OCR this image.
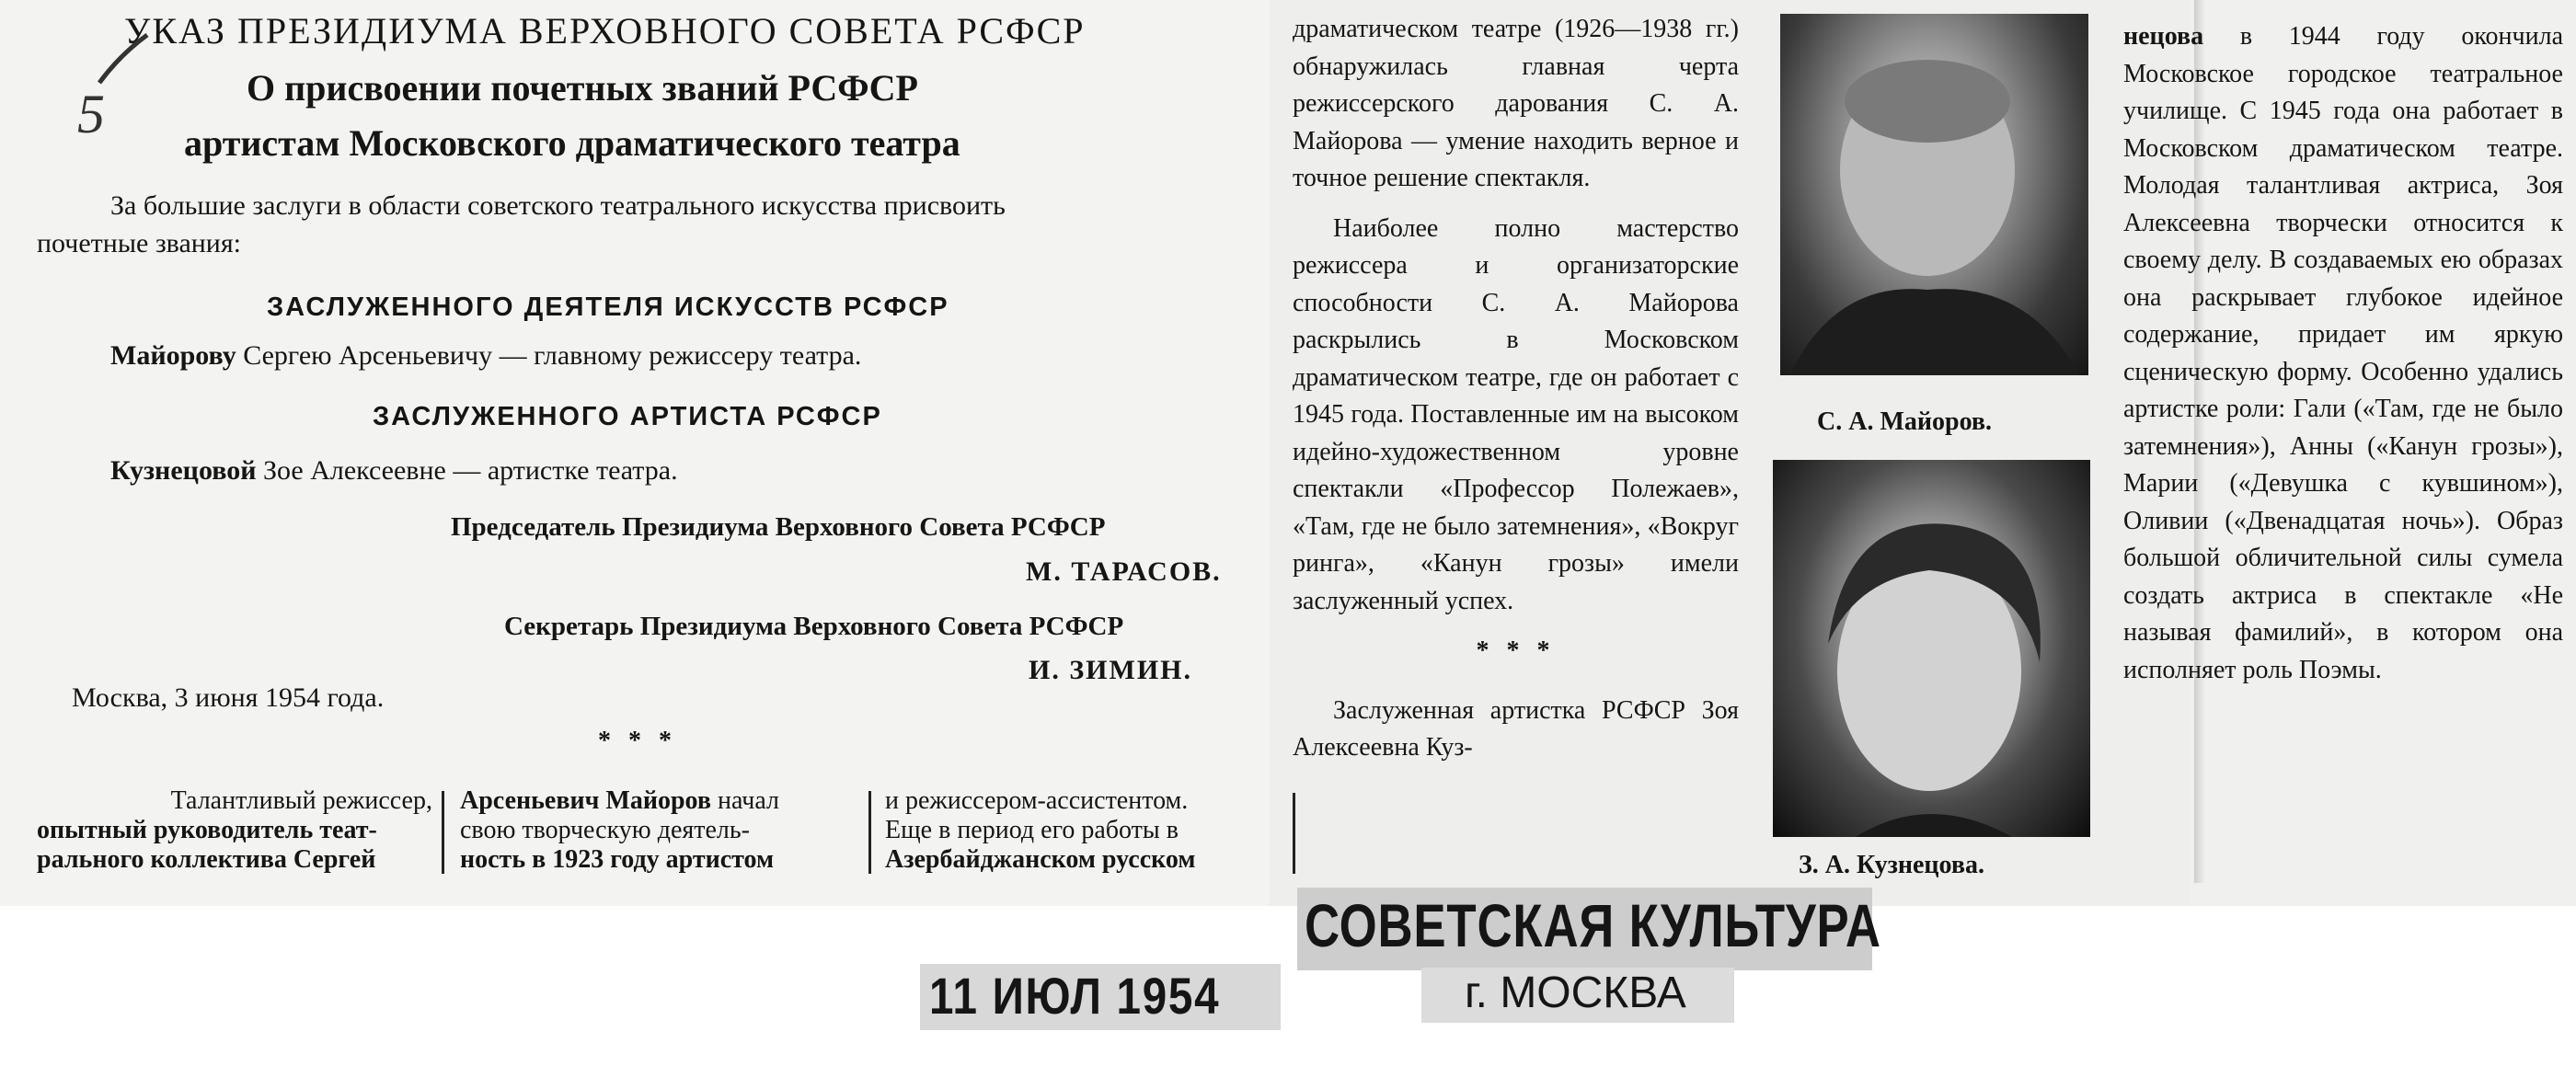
УКАЗ ПРЕЗИДИУМА ВЕРХОВНОГО СОВЕТА РСФСР
О присвоении почетных званий РСФСР
артистам Московского драматического театра
5
За большие заслуги в области советского театрального искусства присвоить
почетные звания:
ЗАСЛУЖЕННОГО ДЕЯТЕЛЯ ИСКУССТВ РСФСР
Майорову Сергею Арсеньевичу — главному режиссеру театра.
ЗАСЛУЖЕННОГО АРТИСТА РСФСР
Кузнецовой Зое Алексеевне — артистке театра.
Председатель Президиума Верховного Совета РСФСР
М. ТАРАСОВ.
Секретарь Президиума Верховного Совета РСФСР
И. ЗИМИН.
Москва, 3 июня 1954 года.
* * *
Талантливый режиссер,
опытный руководитель теат-
рального коллектива Сергей
Арсеньевич Майоров начал
свою творческую деятель-
ность в 1923 году артистом
и режиссером-ассистентом.
Еще в период его работы в
Азербайджанском русском

драматическом театре (1926—1938 гг.) обнаружилась главная черта режиссерского дарования С. А. Майорова — умение находить верное и точное решение спектакля.

Наиболее полно мастерство режиссера и организаторские способности С. А. Майорова раскрылись в Московском драматическом театре, где он работает с 1945 года. Поставленные им на высоком идейно-художественном уровне спектакли «Профессор Полежаев», «Там, где не было затемнения», «Вокруг ринга», «Канун грозы» имели заслуженный успех.

* * *

Заслуженная артистка РСФСР Зоя Алексеевна Куз-

С. А. Майоров.
З. А. Кузнецова.

нецова в 1944 году окончила Московское городское театральное училище. С 1945 года она работает в Московском драматическом театре. Молодая талантливая актриса, Зоя Алексеевна творчески относится к своему делу. В создаваемых ею образах она раскрывает глубокое идейное содержание, придает им яркую сценическую форму. Особенно удались артистке роли: Гали («Там, где не было затемнения»), Анны («Канун грозы»), Марии («Девушка с кувшином»), Оливии («Двенадцатая ночь»). Образ большой обличительной силы сумела создать актриса в спектакле «Не называя фамилий», в котором она исполняет роль Поэмы.

СОВЕТСКАЯ КУЛЬТУРА
г. МОСКВА
11 ИЮЛ 1954
